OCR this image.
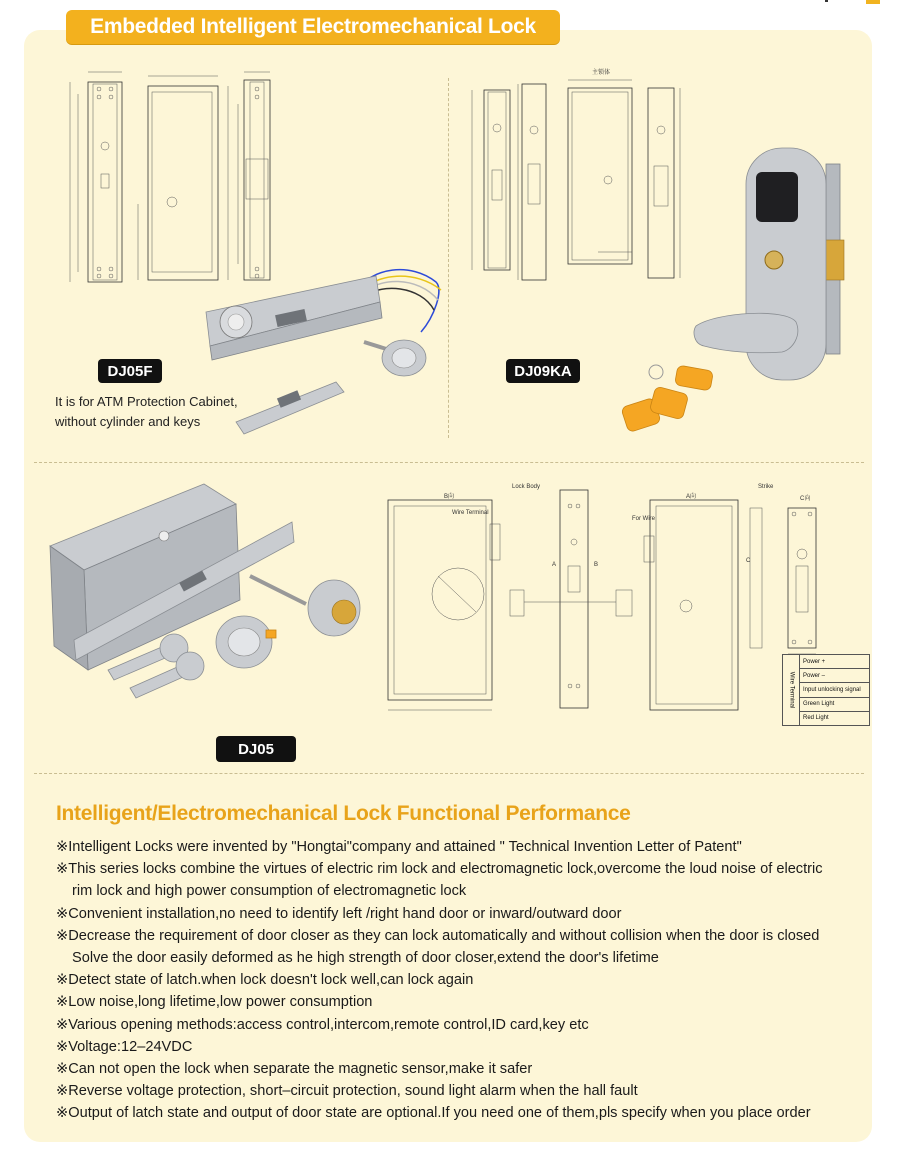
Embedded Intelligent Electromechanical Lock
主锁体
B向
Wire Terminal
Lock Body
A	B
A向
For Wire
Strike
C向
C
Wire Terminal
Power +
Power –
Input unlocking signal
Green Light
Red Light
DJ05F	DJ09KA
DJ05
It is for ATM Protection Cabinet,
without cylinder and keys
Intelligent/Electromechanical Lock Functional Performance
※Intelligent Locks were invented by "Hongtai"company and attained " Technical Invention Letter of Patent"
※This series locks combine the virtues of electric rim lock and electromagnetic lock,overcome the loud noise of electric
rim lock and high power consumption of electromagnetic lock
※Convenient installation,no need to identify left /right hand door or inward/outward door
※Decrease the requirement of door closer as they can lock automatically and without collision when the door is closed
Solve the door easily deformed as he high strength of door closer,extend the door's lifetime
※Detect state of latch.when lock doesn't lock well,can lock again
※Low noise,long lifetime,low power consumption
※Various opening methods:access control,intercom,remote control,ID card,key etc
※Voltage:12–24VDC
※Can not open the lock when separate the magnetic sensor,make it safer
※Reverse voltage protection, short–circuit protection, sound light alarm when the hall fault
※Output of latch state and output of door state are optional.If you need one of them,pls specify when you place order
